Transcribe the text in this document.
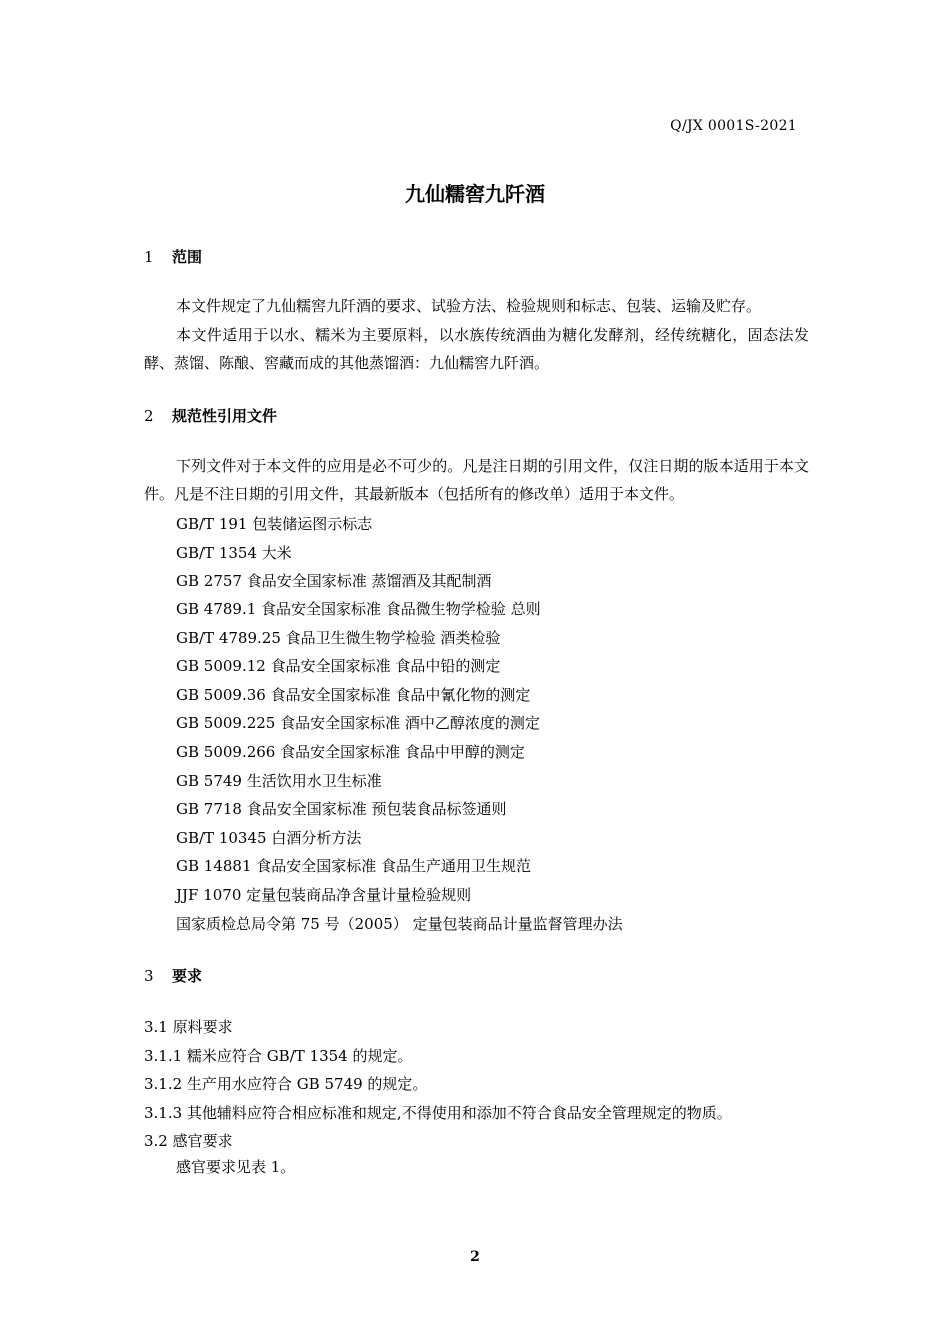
Q/JX 0001S-2021
九仙糯窖九阡酒
1 范围
本文件规定了九仙糯窖九阡酒的要求、试验方法、检验规则和标志、包装、运输及贮存。
本文件适用于以水、糯米为主要原料，以水族传统酒曲为糖化发酵剂，经传统糖化，固态法发酵、蒸馏、陈酿、窖藏而成的其他蒸馏酒：九仙糯窖九阡酒。
2 规范性引用文件
下列文件对于本文件的应用是必不可少的。凡是注日期的引用文件，仅注日期的版本适用于本文件。凡是不注日期的引用文件，其最新版本（包括所有的修改单）适用于本文件。
GB/T 191 包装储运图示标志
GB/T 1354 大米
GB 2757 食品安全国家标准 蒸馏酒及其配制酒
GB 4789.1 食品安全国家标准 食品微生物学检验 总则
GB/T 4789.25 食品卫生微生物学检验 酒类检验
GB 5009.12 食品安全国家标准 食品中铅的测定
GB 5009.36 食品安全国家标准 食品中氰化物的测定
GB 5009.225 食品安全国家标准 酒中乙醇浓度的测定
GB 5009.266 食品安全国家标准 食品中甲醇的测定
GB 5749 生活饮用水卫生标准
GB 7718 食品安全国家标准 预包装食品标签通则
GB/T 10345 白酒分析方法
GB 14881 食品安全国家标准 食品生产通用卫生规范
JJF 1070 定量包装商品净含量计量检验规则
国家质检总局令第 75 号（2005） 定量包装商品计量监督管理办法
3 要求
3.1 原料要求
3.1.1 糯米应符合 GB/T 1354 的规定。
3.1.2 生产用水应符合 GB 5749 的规定。
3.1.3 其他辅料应符合相应标准和规定,不得使用和添加不符合食品安全管理规定的物质。
3.2 感官要求
感官要求见表 1。
2
